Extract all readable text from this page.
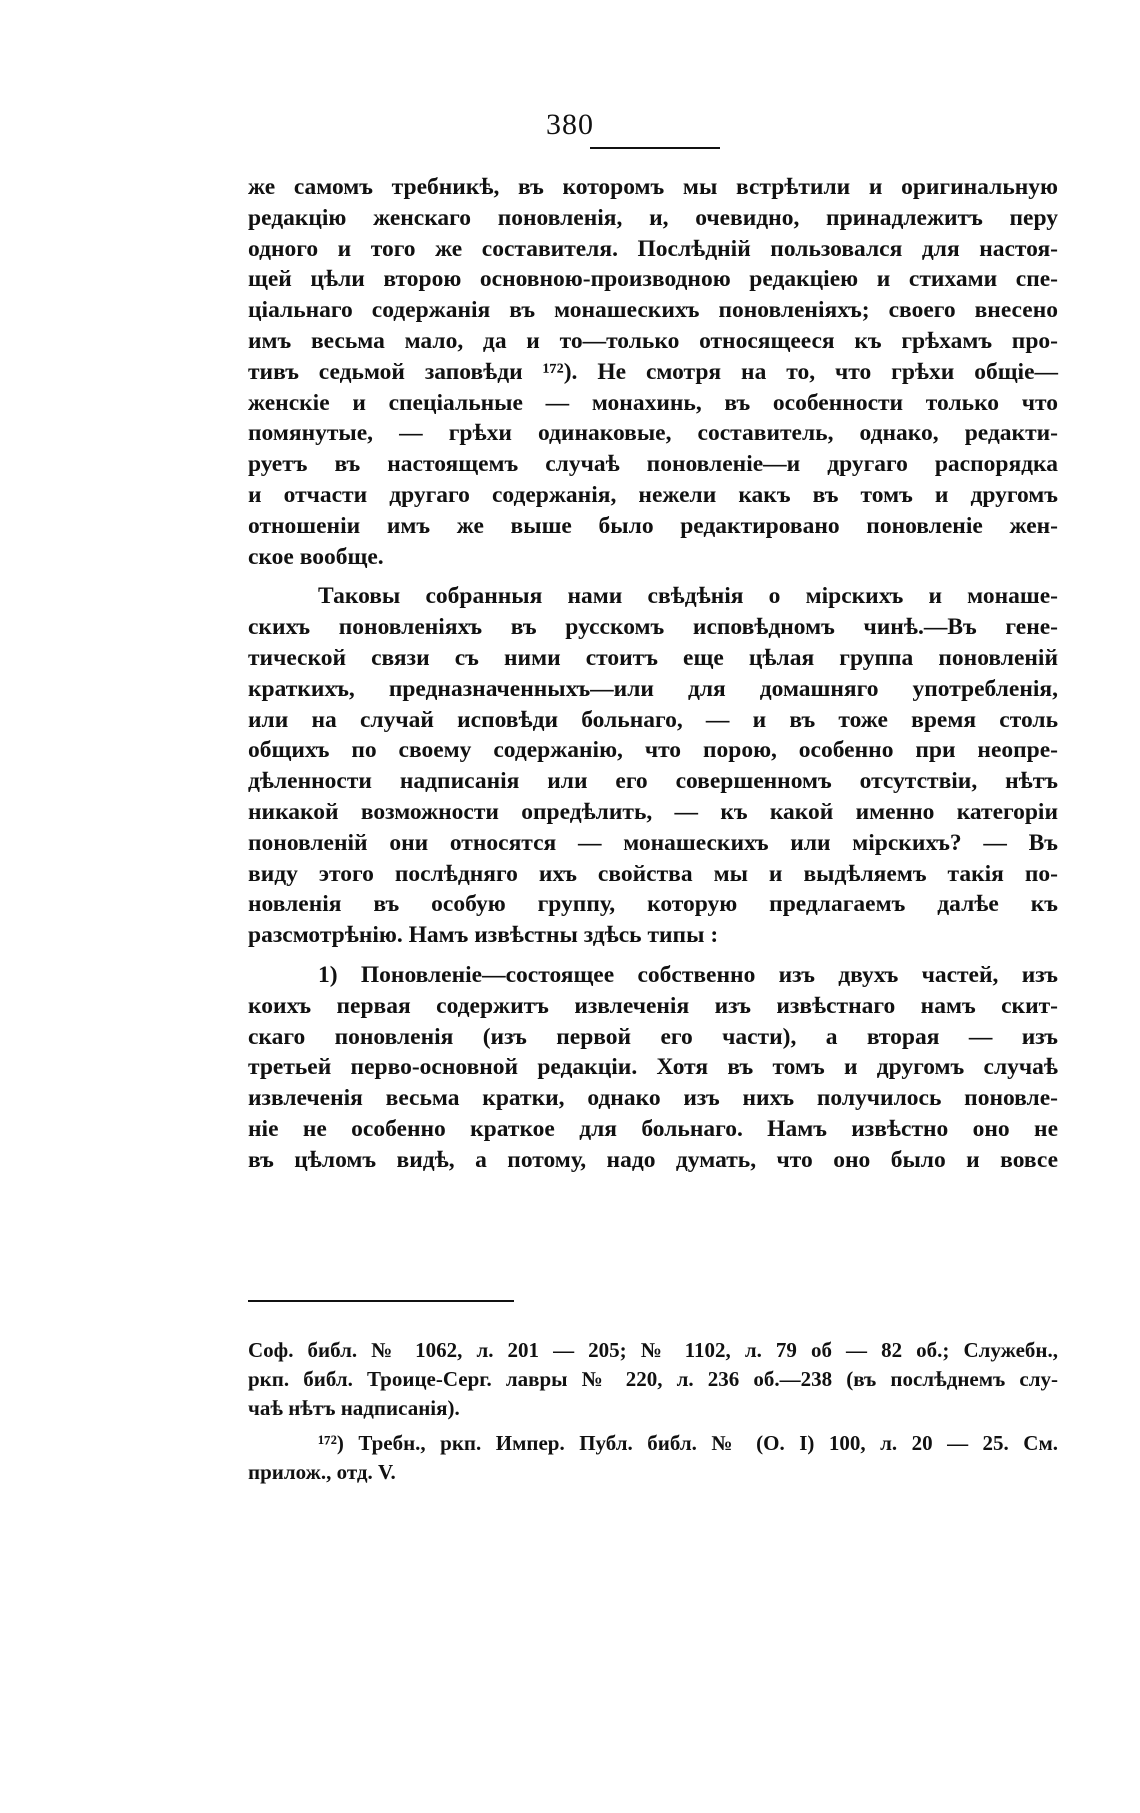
380
же самомъ требникѣ, въ которомъ мы встрѣтили и оригинальную
редакцію женскаго поновленія, и, очевидно, принадлежитъ перу
одного и того же составителя. Послѣдній пользовался для настоя-
щей цѣли второю основною-производною редакціею и стихами спе-
ціальнаго содержанія въ монашескихъ поновленіяхъ; своего внесено
имъ весьма мало, да и то—только относящееся къ грѣхамъ про-
тивъ седьмой заповѣди ¹⁷²). Не смотря на то, что грѣхи общіе—
женскіе и спеціальные — монахинь, въ особенности только что
помянутые, — грѣхи одинаковые, составитель, однако, редакти-
руетъ въ настоящемъ случаѣ поновленіе—и другаго распорядка
и отчасти другаго содержанія, нежели какъ въ томъ и другомъ
отношеніи имъ же выше было редактировано поновленіе жен-
ское вообще.
Таковы собранныя нами свѣдѣнія о мірскихъ и монаше-
скихъ поновленіяхъ въ русскомъ исповѣдномъ чинѣ.—Въ гене-
тической связи съ ними стоитъ еще цѣлая группа поновленій
краткихъ, предназначенныхъ—или для домашняго употребленія,
или на случай исповѣди больнаго, — и въ тоже время столь
общихъ по своему содержанію, что порою, особенно при неопре-
дѣленности надписанія или его совершенномъ отсутствіи, нѣтъ
никакой возможности опредѣлить, — къ какой именно категоріи
поновленій они относятся — монашескихъ или мірскихъ? — Въ
виду этого послѣдняго ихъ свойства мы и выдѣляемъ такія по-
новленія въ особую группу, которую предлагаемъ далѣе къ
разсмотрѣнію. Намъ извѣстны здѣсь типы :
1) Поновленіе—состоящее собственно изъ двухъ частей, изъ
коихъ первая содержитъ извлеченія изъ извѣстнаго намъ скит-
скаго поновленія (изъ первой его части), а вторая — изъ
третьей перво-основной редакціи. Хотя въ томъ и другомъ случаѣ
извлеченія весьма кратки, однако изъ нихъ получилось поновле-
ніе не особенно краткое для больнаго. Намъ извѣстно оно не
въ цѣломъ видѣ, а потому, надо думать, что оно было и вовсе
Соф. библ. № 1062, л. 201 — 205; № 1102, л. 79 об — 82 об.; Служебн.,
ркп. библ. Троице-Серг. лавры № 220, л. 236 об.—238 (въ послѣднемъ слу-
чаѣ нѣтъ надписанія).
¹⁷²) Требн., ркп. Импер. Публ. библ. № (О. I) 100, л. 20 — 25. См.
прилож., отд. V.
